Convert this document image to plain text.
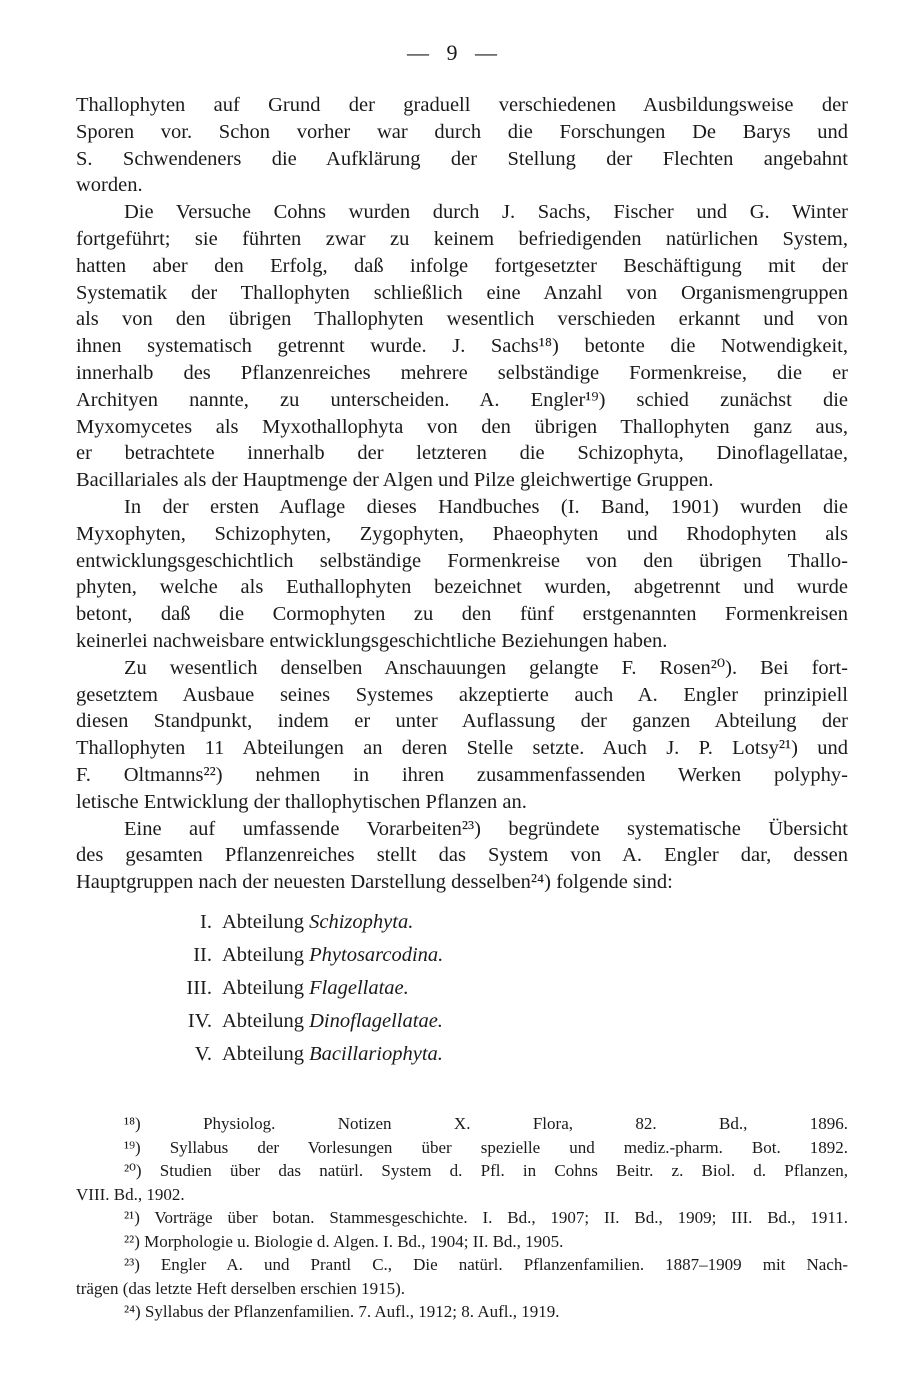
— 9 —
Thallophyten auf Grund der graduell verschiedenen Ausbildungsweise der
Sporen vor. Schon vorher war durch die Forschungen De Barys und
S. Schwendeners die Aufklärung der Stellung der Flechten angebahnt
worden.
Die Versuche Cohns wurden durch J. Sachs, Fischer und G. Winter
fortgeführt; sie führten zwar zu keinem befriedigenden natürlichen System,
hatten aber den Erfolg, daß infolge fortgesetzter Beschäftigung mit der
Systematik der Thallophyten schließlich eine Anzahl von Organismengruppen
als von den übrigen Thallophyten wesentlich verschieden erkannt und von
ihnen systematisch getrennt wurde. J. Sachs¹⁸) betonte die Notwendigkeit,
innerhalb des Pflanzenreiches mehrere selbständige Formenkreise, die er
Archityen nannte, zu unterscheiden. A. Engler¹⁹) schied zunächst die
Myxomycetes als Myxothallophyta von den übrigen Thallophyten ganz aus,
er betrachtete innerhalb der letzteren die Schizophyta, Dinoflagellatae,
Bacillariales als der Hauptmenge der Algen und Pilze gleichwertige Gruppen.
In der ersten Auflage dieses Handbuches (I. Band, 1901) wurden die
Myxophyten, Schizophyten, Zygophyten, Phaeophyten und Rhodophyten als
entwicklungsgeschichtlich selbständige Formenkreise von den übrigen Thallo-
phyten, welche als Euthallophyten bezeichnet wurden, abgetrennt und wurde
betont, daß die Cormophyten zu den fünf erstgenannten Formenkreisen
keinerlei nachweisbare entwicklungsgeschichtliche Beziehungen haben.
Zu wesentlich denselben Anschauungen gelangte F. Rosen²⁰). Bei fort-
gesetztem Ausbaue seines Systemes akzeptierte auch A. Engler prinzipiell
diesen Standpunkt, indem er unter Auflassung der ganzen Abteilung der
Thallophyten 11 Abteilungen an deren Stelle setzte. Auch J. P. Lotsy²¹) und
F. Oltmanns²²) nehmen in ihren zusammenfassenden Werken polyphy-
letische Entwicklung der thallophytischen Pflanzen an.
Eine auf umfassende Vorarbeiten²³) begründete systematische Übersicht
des gesamten Pflanzenreiches stellt das System von A. Engler dar, dessen
Hauptgruppen nach der neuesten Darstellung desselben²⁴) folgende sind:
I. Abteilung Schizophyta.
II. Abteilung Phytosarcodina.
III. Abteilung Flagellatae.
IV. Abteilung Dinoflagellatae.
V. Abteilung Bacillariophyta.
¹⁸) Physiolog. Notizen X. Flora, 82. Bd., 1896.
¹⁹) Syllabus der Vorlesungen über spezielle und mediz.-pharm. Bot. 1892.
²⁰) Studien über das natürl. System d. Pfl. in Cohns Beitr. z. Biol. d. Pflanzen,
VIII. Bd., 1902.
²¹) Vorträge über botan. Stammesgeschichte. I. Bd., 1907; II. Bd., 1909; III. Bd., 1911.
²²) Morphologie u. Biologie d. Algen. I. Bd., 1904; II. Bd., 1905.
²³) Engler A. und Prantl C., Die natürl. Pflanzenfamilien. 1887–1909 mit Nach-
trägen (das letzte Heft derselben erschien 1915).
²⁴) Syllabus der Pflanzenfamilien. 7. Aufl., 1912; 8. Aufl., 1919.
